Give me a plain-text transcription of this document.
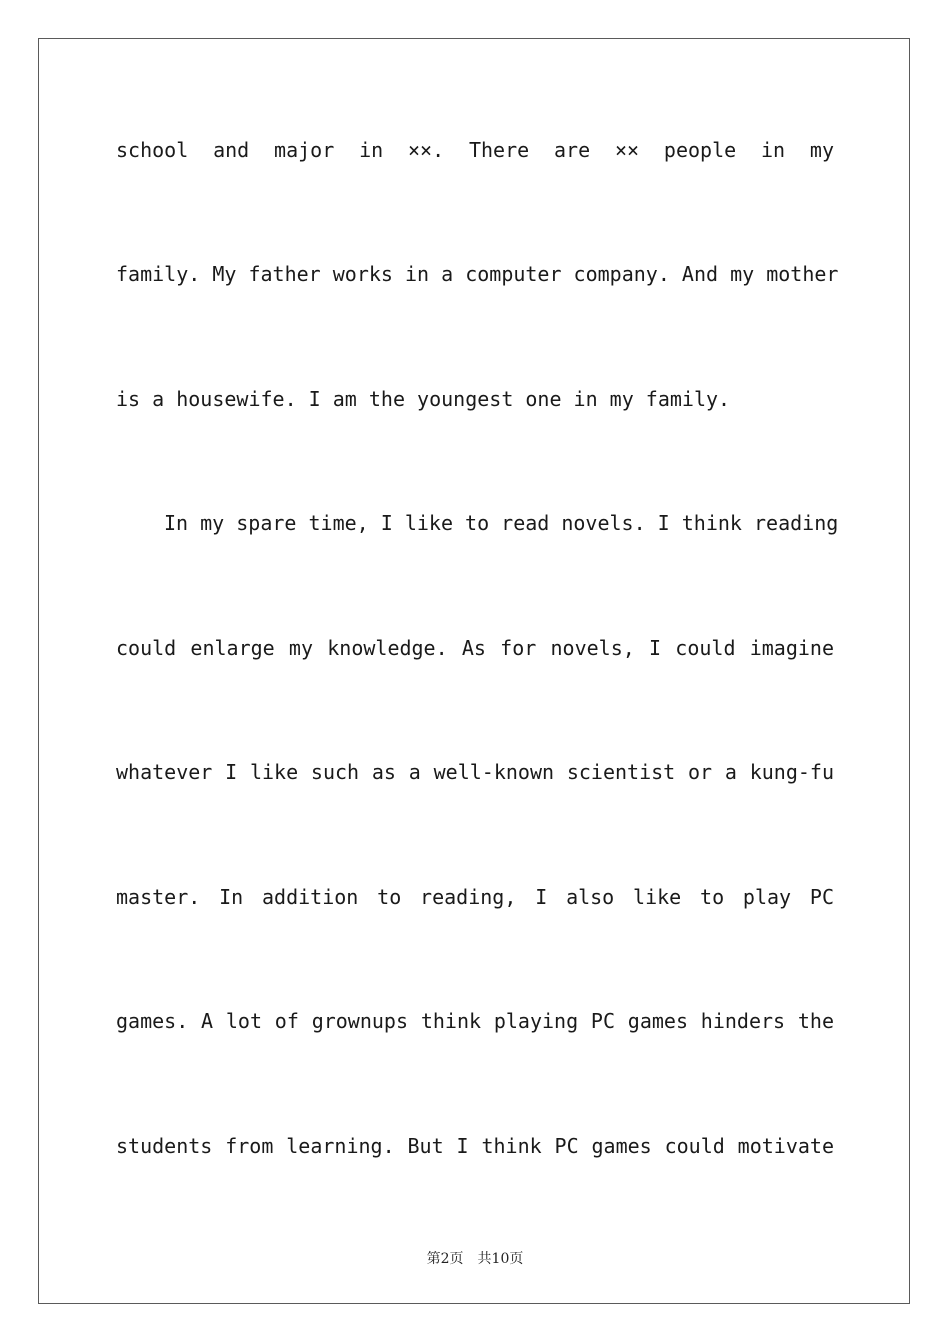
school and major in ××. There are ×× people in my
family. My father works in a computer company. And my mother
is a housewife. I am the youngest one in my family.
In my spare time, I like to read novels. I think reading
could enlarge my knowledge. As for novels, I could imagine
whatever I like such as a well-known scientist or a kung-fu
master. In addition to reading, I also like to play PC
games. A lot of grownups think playing PC games hinders the
students from learning. But I think PC games could motivate
第2页 共10页
